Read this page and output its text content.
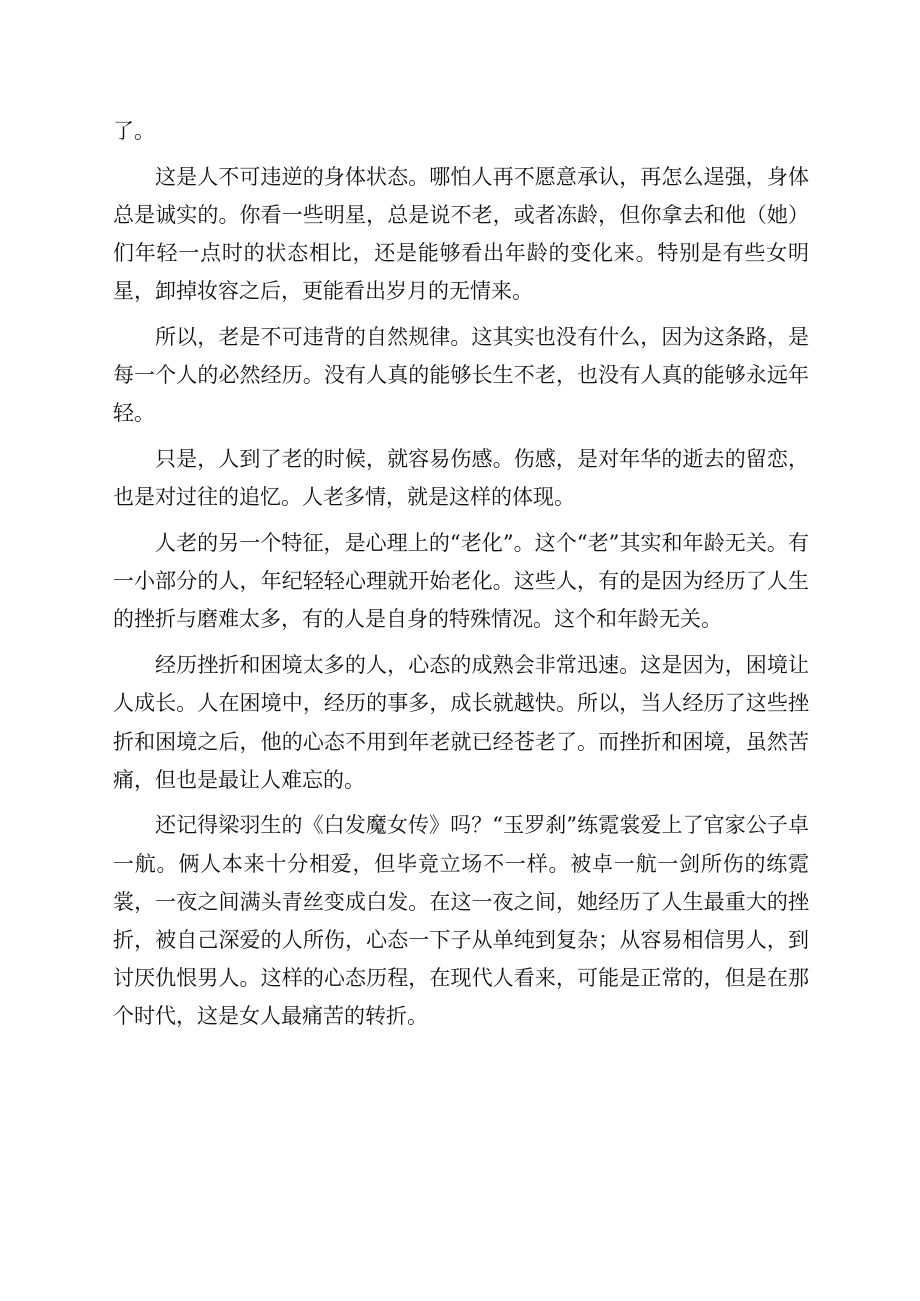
了。

这是人不可违逆的身体状态。哪怕人再不愿意承认，再怎么逞强，身体总是诚实的。你看一些明星，总是说不老，或者冻龄，但你拿去和他（她）们年轻一点时的状态相比，还是能够看出年龄的变化来。特别是有些女明星，卸掉妆容之后，更能看出岁月的无情来。

所以，老是不可违背的自然规律。这其实也没有什么，因为这条路，是每一个人的必然经历。没有人真的能够长生不老，也没有人真的能够永远年轻。

只是，人到了老的时候，就容易伤感。伤感，是对年华的逝去的留恋，也是对过往的追忆。人老多情，就是这样的体现。

人老的另一个特征，是心理上的“老化”。这个“老”其实和年龄无关。有一小部分的人，年纪轻轻心理就开始老化。这些人，有的是因为经历了人生的挫折与磨难太多，有的人是自身的特殊情况。这个和年龄无关。

经历挫折和困境太多的人，心态的成熟会非常迅速。这是因为，困境让人成长。人在困境中，经历的事多，成长就越快。所以，当人经历了这些挫折和困境之后，他的心态不用到年老就已经苍老了。而挫折和困境，虽然苦痛，但也是最让人难忘的。

还记得梁羽生的《白发魔女传》吗？“玉罗刹”练霓裳爱上了官家公子卓一航。俩人本来十分相爱，但毕竟立场不一样。被卓一航一剑所伤的练霓裳，一夜之间满头青丝变成白发。在这一夜之间，她经历了人生最重大的挫折，被自己深爱的人所伤，心态一下子从单纯到复杂；从容易相信男人，到讨厌仇恨男人。这样的心态历程，在现代人看来，可能是正常的，但是在那个时代，这是女人最痛苦的转折。
